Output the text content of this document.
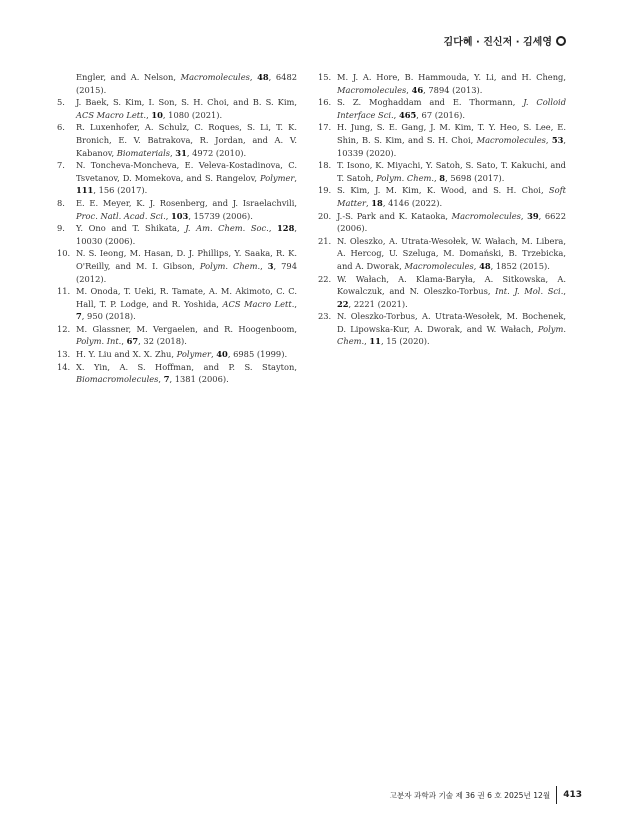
김다혜 · 진신저 · 김세영
Engler, and A. Nelson, Macromolecules, 48, 6482 (2015).
5. J. Baek, S. Kim, I. Son, S. H. Choi, and B. S. Kim, ACS Macro Lett., 10, 1080 (2021).
6. R. Luxenhofer, A. Schulz, C. Roques, S. Li, T. K. Bronich, E. V. Batrakova, R. Jordan, and A. V. Kabanov, Biomaterials, 31, 4972 (2010).
7. N. Toncheva-Moncheva, E. Veleva-Kostadinova, C. Tsvetanov, D. Momekova, and S. Rangelov, Polymer, 111, 156 (2017).
8. E. E. Meyer, K. J. Rosenberg, and J. Israelachvili, Proc. Natl. Acad. Sci., 103, 15739 (2006).
9. Y. Ono and T. Shikata, J. Am. Chem. Soc., 128, 10030 (2006).
10. N. S. Ieong, M. Hasan, D. J. Phillips, Y. Saaka, R. K. O'Reilly, and M. I. Gibson, Polym. Chem., 3, 794 (2012).
11. M. Onoda, T. Ueki, R. Tamate, A. M. Akimoto, C. C. Hall, T. P. Lodge, and R. Yoshida, ACS Macro Lett., 7, 950 (2018).
12. M. Glassner, M. Vergaelen, and R. Hoogenboom, Polym. Int., 67, 32 (2018).
13. H. Y. Liu and X. X. Zhu, Polymer, 40, 6985 (1999).
14. X. Yin, A. S. Hoffman, and P. S. Stayton, Biomacromolecules, 7, 1381 (2006).
15. M. J. A. Hore, B. Hammouda, Y. Li, and H. Cheng, Macromolecules, 46, 7894 (2013).
16. S. Z. Moghaddam and E. Thormann, J. Colloid Interface Sci., 465, 67 (2016).
17. H. Jung, S. E. Gang, J. M. Kim, T. Y. Heo, S. Lee, E. Shin, B. S. Kim, and S. H. Choi, Macromolecules, 53, 10339 (2020).
18. T. Isono, K. Miyachi, Y. Satoh, S. Sato, T. Kakuchi, and T. Satoh, Polym. Chem., 8, 5698 (2017).
19. S. Kim, J. M. Kim, K. Wood, and S. H. Choi, Soft Matter, 18, 4146 (2022).
20. J.-S. Park and K. Kataoka, Macromolecules, 39, 6622 (2006).
21. N. Oleszko, A. Utrata-Wesołek, W. Wałach, M. Libera, A. Hercog, U. Szeluga, M. Domański, B. Trzebicka, and A. Dworak, Macromolecules, 48, 1852 (2015).
22. W. Wałach, A. Klama-Baryła, A. Sitkowska, A. Kowalczuk, and N. Oleszko-Torbus, Int. J. Mol. Sci., 22, 2221 (2021).
23. N. Oleszko-Torbus, A. Utrata-Wesołek, M. Bochenek, D. Lipowska-Kur, A. Dworak, and W. Wałach, Polym. Chem., 11, 15 (2020).
고분자 과학과 기술 제 36 권 6 호 2025년 12월 413
